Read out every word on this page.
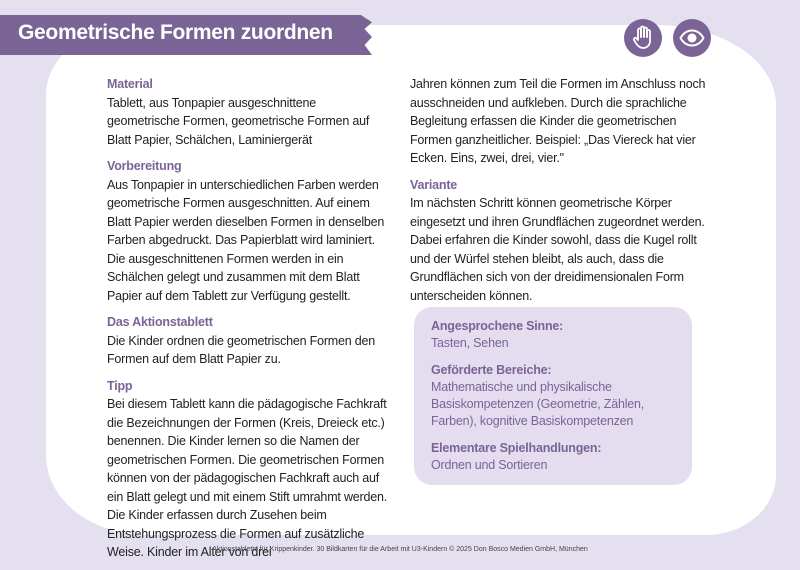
Geometrische Formen zuordnen

Material

Tablett, aus Tonpapier ausgeschnittene geometrische Formen, geometrische Formen auf Blatt Papier, Schälchen, Laminiergerät

Vorbereitung

Aus Tonpapier in unterschiedlichen Farben werden geometrische Formen ausgeschnitten. Auf einem Blatt Papier werden dieselben Formen in denselben Farben abgedruckt. Das Papierblatt wird laminiert. Die ausgeschnittenen Formen werden in ein Schälchen gelegt und zusammen mit dem Blatt Papier auf dem Tablett zur Verfügung gestellt.

Das Aktionstablett

Die Kinder ordnen die geometrischen Formen den Formen auf dem Blatt Papier zu.

Tipp

Bei diesem Tablett kann die pädagogische Fachkraft die Bezeichnungen der Formen (Kreis, Dreieck etc.) benennen. Die Kinder lernen so die Namen der geometrischen Formen. Die geometrischen Formen können von der pädagogischen Fachkraft auch auf ein Blatt gelegt und mit einem Stift umrahmt werden. Die Kinder erfassen durch Zusehen beim Entstehungsprozess die Formen auf zusätzliche Weise. Kinder im Alter von drei

Jahren können zum Teil die Formen im Anschluss noch ausschneiden und aufkleben. Durch die sprachliche Begleitung erfassen die Kinder die geometrischen Formen ganzheitlicher. Beispiel: „Das Viereck hat vier Ecken. Eins, zwei, drei, vier."

Variante

Im nächsten Schritt können geometrische Körper eingesetzt und ihren Grundflächen zugeordnet werden. Dabei erfahren die Kinder sowohl, dass die Kugel rollt und der Würfel stehen bleibt, als auch, dass die Grundflächen sich von der dreidimensionalen Form unterscheiden können.

Angesprochene Sinne:

Tasten, Sehen

Geförderte Bereiche:

Mathematische und physikalische Basiskompetenzen (Geometrie, Zählen, Farben), kognitive Basiskompetenzen

Elementare Spielhandlungen:

Ordnen und Sortieren

Aktionstabletts für Krippenkinder. 30 Bildkarten für die Arbeit mit U3-Kindern © 2025 Don Bosco Medien GmbH, München
